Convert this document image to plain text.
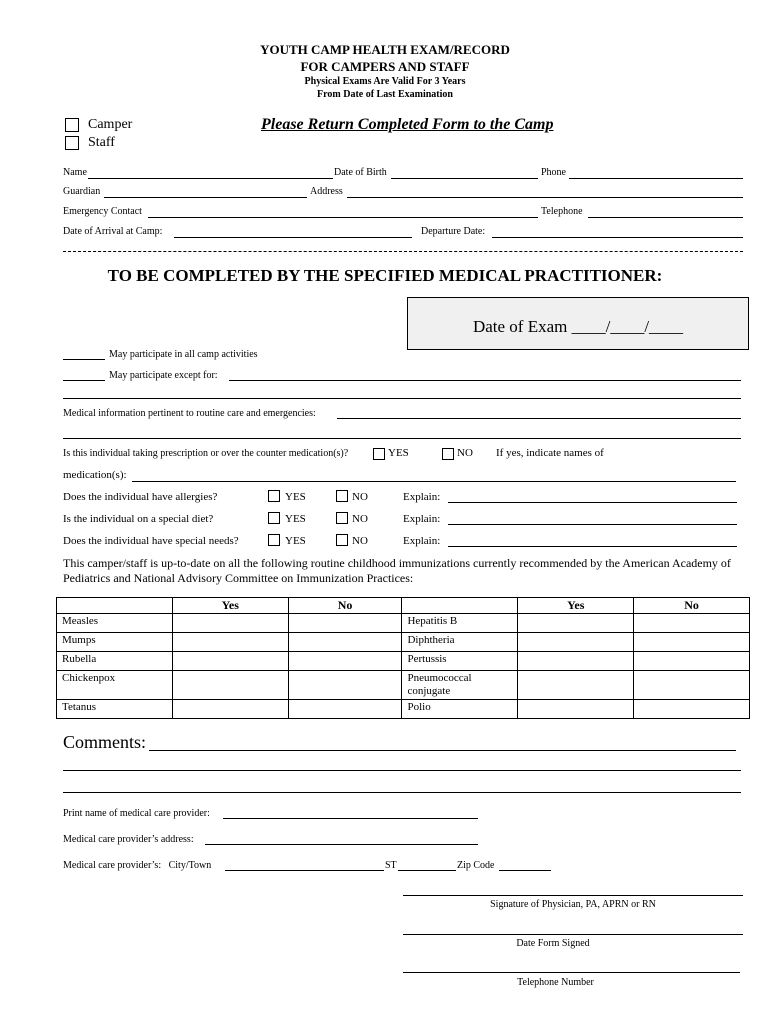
YOUTH CAMP HEALTH EXAM/RECORD
FOR CAMPERS AND STAFF
Physical Exams Are Valid For 3 Years
From Date of Last Examination
Camper
Staff
Please Return Completed Form to the Camp
Name	Date of Birth	Phone
Guardian	Address
Emergency Contact	Telephone
Date of Arrival at Camp:	Departure Date:
TO BE COMPLETED BY THE SPECIFIED MEDICAL PRACTITIONER:
Date of Exam ____/____/____
May participate in all camp activities
May participate except for:
Medical information pertinent to routine care and emergencies:
Is this individual taking prescription or over the counter medication(s)?	YES	NO If yes, indicate names of
medication(s):
Does the individual have allergies?	YES	NO	Explain:
Is the individual on a special diet?	YES	NO	Explain:
Does the individual have special needs?	YES	NO	Explain:
This camper/staff is up-to-date on all the following routine childhood immunizations currently recommended by the American Academy of Pediatrics and National Advisory Committee on Immunization Practices:
	Yes	No		Yes	No
Measles			Hepatitis B		
Mumps			Diphtheria		
Rubella			Pertussis		
Chickenpox			Pneumococcal conjugate		
Tetanus			Polio		
Comments:
Print name of medical care provider:
Medical care provider’s address:
Medical care provider’s:   City/Town	ST	Zip Code
Signature of Physician, PA, APRN or RN
Date Form Signed
Telephone Number
